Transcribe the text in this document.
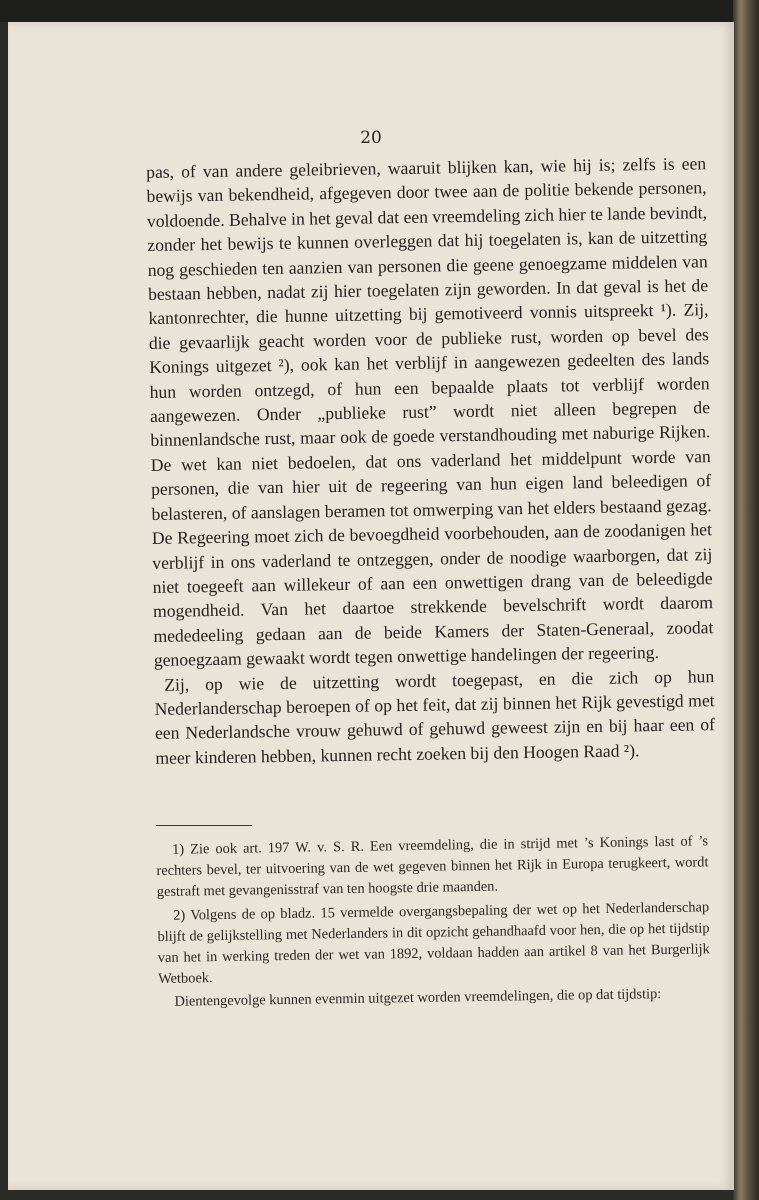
20

pas, of van andere geleibrieven, waaruit blijken kan, wie hij is; zelfs is een bewijs van bekendheid, afgegeven door twee aan de politie bekende personen, voldoende. Behalve in het geval dat een vreemdeling zich hier te lande bevindt, zonder het bewijs te kunnen overleggen dat hij toegelaten is, kan de uitzetting nog geschieden ten aanzien van personen die geene genoegzame middelen van bestaan hebben, nadat zij hier toegelaten zijn geworden. In dat geval is het de kantonrechter, die hunne uitzetting bij gemotiveerd vonnis uitspreekt ¹). Zij, die gevaarlijk geacht worden voor de publieke rust, worden op bevel des Konings uitgezet ²), ook kan het verblijf in aangewezen gedeelten des lands hun worden ontzegd, of hun een bepaalde plaats tot verblijf worden aangewezen. Onder „publieke rust” wordt niet alleen begrepen de binnenlandsche rust, maar ook de goede verstandhouding met naburige Rijken. De wet kan niet bedoelen, dat ons vaderland het middelpunt worde van personen, die van hier uit de regeering van hun eigen land beleedigen of belasteren, of aanslagen beramen tot omwerping van het elders bestaand gezag. De Regeering moet zich de bevoegdheid voorbehouden, aan de zoodanigen het verblijf in ons vaderland te ontzeggen, onder de noodige waarborgen, dat zij niet toegeeft aan willekeur of aan een onwettigen drang van de beleedigde mogendheid. Van het daartoe strekkende bevelschrift wordt daarom mededeeling gedaan aan de beide Kamers der Staten-Generaal, zoodat genoegzaam gewaakt wordt tegen onwettige handelingen der regeering.

Zij, op wie de uitzetting wordt toegepast, en die zich op hun Nederlanderschap beroepen of op het feit, dat zij binnen het Rijk gevestigd met een Nederlandsche vrouw gehuwd of gehuwd geweest zijn en bij haar een of meer kinderen hebben, kunnen recht zoeken bij den Hoogen Raad ²).

1) Zie ook art. 197 W. v. S. R. Een vreemdeling, die in strijd met ’s Konings last of ’s rechters bevel, ter uitvoering van de wet gegeven binnen het Rijk in Europa terugkeert, wordt gestraft met gevangenisstraf van ten hoogste drie maanden.

2) Volgens de op bladz. 15 vermelde overgangsbepaling der wet op het Nederlanderschap blijft de gelijkstelling met Nederlanders in dit opzicht gehandhaafd voor hen, die op het tijdstip van het in werking treden der wet van 1892, voldaan hadden aan artikel 8 van het Burgerlijk Wetboek.

Dientengevolge kunnen evenmin uitgezet worden vreemdelingen, die op dat tijdstip:
